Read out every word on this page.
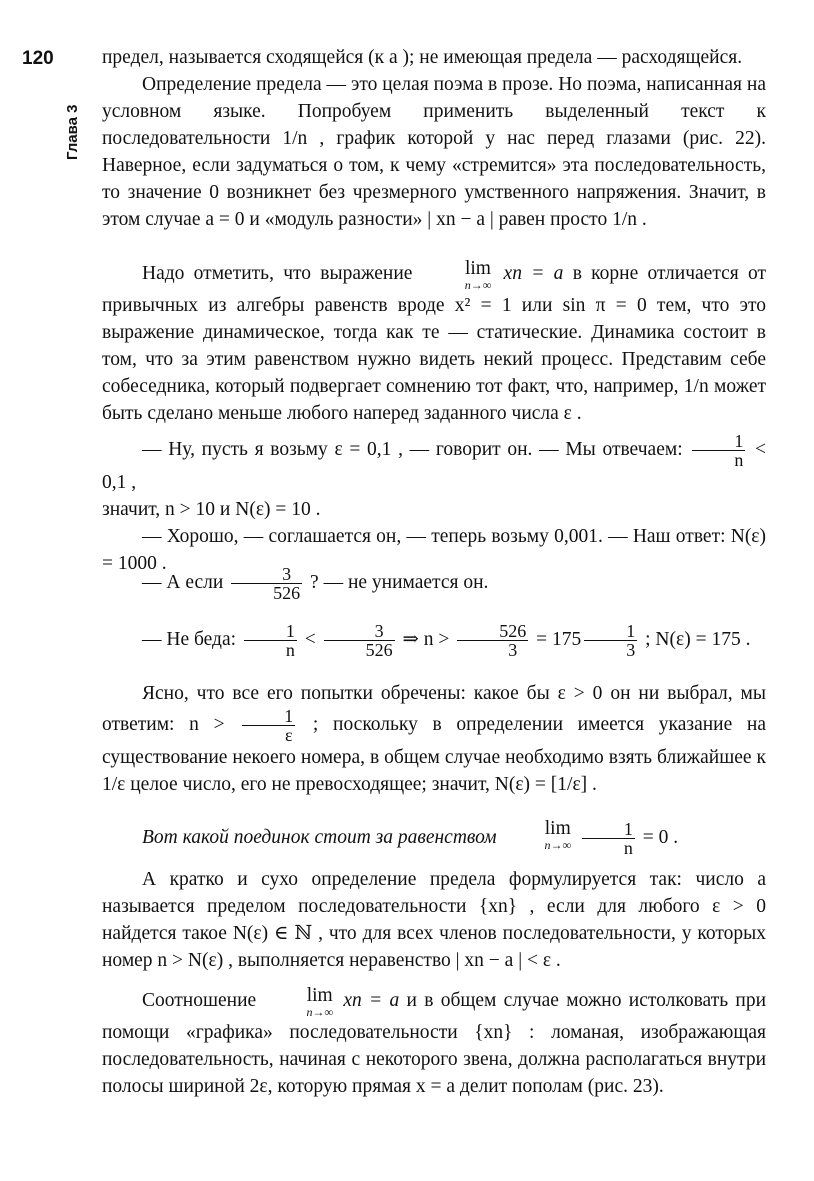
120
Глава 3

предел, называется сходящейся (к a ); не имеющая предела — расходящейся.

Определение предела — это целая поэма в прозе. Но поэма, написанная на условном языке. Попробуем применить выделенный текст к последовательности 1/n , график которой у нас перед глазами (рис. 22). Наверное, если задуматься о том, к чему «стремится» эта последовательность, то значение 0 возникнет без чрезмерного умственного напряжения. Значит, в этом случае a = 0 и «модуль разности» | xn − a | равен просто 1/n .

Надо отметить, что выражение	lim
n→∞
xn = a в корне отличается от привычных из алгебры равенств вроде x² = 1 или sin π = 0 тем, что это выражение динамическое, тогда как те — статические. Динамика состоит в том, что за этим равенством нужно видеть некий процесс. Представим себе собеседника, который подвергает сомнению тот факт, что, например, 1/n может быть сделано меньше любого наперед заданного числа ε .

— Ну, пусть я возьму ε = 0,1 , — говорит он. — Мы отвечаем: $\frac{1}{n} < 0,1$ ,

значит, n > 10 и N(ε) = 10 .

— Хорошо, — соглашается он, — теперь возьму 0,001. — Наш ответ: N(ε) = 1000 .

— А если $\frac{3}{526}$ ? — не унимается он.

— Не беда: $\frac{1}{n} < \frac{3}{526}$ ⇒ $n > \frac{526}{3} = 175 \frac{1}{3}$ ; N(ε) = 175 .

Ясно, что все его попытки обречены: какое бы ε > 0 он ни выбрал, мы ответим: $n > \frac{1}{\varepsilon}$ ; поскольку в определении имеется указание на существование некоего номера, в общем случае необходимо взять ближайшее к 1/ε целое число, его не превосходящее; значит, N(ε) = [1/ε] .

Вот какой поединок стоит за равенством lim
n→∞
$\frac{1}{n} = 0$ .

А кратко и сухо определение предела формулируется так: число a называется пределом последовательности {xn} , если для любого ε > 0 найдется такое N(ε) ∈ ℕ , что для всех членов последовательности, у которых номер n > N(ε) , выполняется неравенство | xn − a | < ε .

Соотношение	lim
n→∞
xn = a и в общем случае можно истолковать при помощи «графика» последовательности {xn} : ломаная, изображающая последовательность, начиная с некоторого звена, должна располагаться внутри полосы шириной 2ε, которую прямая x = a делит пополам (рис. 23).
